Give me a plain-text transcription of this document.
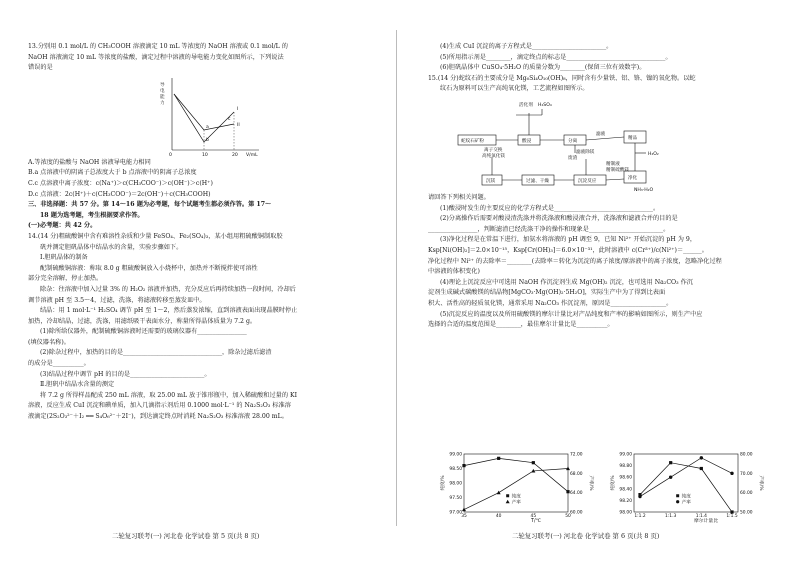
13.分别用 0.1 mol/L 的 CH₃COOH 溶液滴定 10 mL 等浓度的 NaOH 溶液或 0.1 mol/L 的

NaOH 溶液滴定 10 mL 等浓度的盐酸，滴定过程中溶液的导电能力变化如图所示，下列说法

错误的是

导
电
能
力
0	10	20 V/mL
I
II
a
b
c

A.等浓度的盐酸与 NaOH 溶液导电能力相同

B.a 点溶液中的阴离子总浓度大于 b 点溶液中的阴离子总浓度

C.c 点溶液中离子浓度：c(Na⁺)＞c(CH₃COO⁻)＞c(OH⁻)＞c(H⁺)

D.c 点溶液：2c(H⁺)＋c(CH₃COO⁻)＝2c(OH⁻)＋c(CH₃COOH)

三、非选择题：共 57 分。第 14～16 题为必考题，每个试题考生都必须作答。第 17～

18 题为选考题，考生根据要求作答。

(一)必考题：共 42 分。

14.(14 分)粗硫酸铜中含有难溶性杂质和少量 FeSO₄、Fe₂(SO₄)₃，某小组用粗硫酸铜制取胶

矾并测定胆矾晶体中结晶水的含量，实验步骤如下。

Ⅰ.胆矾晶体的制备

配制硫酸铜溶液：称取 8.0 g 粗硫酸铜放入小烧杯中，加热并不断搅拌使可溶性

部分完全溶解，停止加热。

除杂：往溶液中加入过量 3% 的 H₂O₂ 溶液并加热，充分反应后再持续加热一段时间，冷却后

调节溶液 pH 至 3.5～4，过滤，洗涤，将滤液转移至蒸发皿中。

结晶：用 1 mol·L⁻¹ H₂SO₄ 调节 pH 至 1～2，然后蒸发浓缩，直到溶液表面出现晶膜时停止

加热，冷却结晶，过滤，洗涤，用滤纸吸干表面水分，称量所得晶体质量为 7.2 g。

(1)除所给仪器外，配制硫酸铜溶液时还需要的玻璃仪器有________________

(填仪器名称)。

(2)除杂过程中，加热的目的是________________________________，除杂过滤后滤渣

的成分是__________。

(3)结晶过程中调节 pH 的目的是________________________。

Ⅱ.胆矾中结晶水含量的测定

将 7.2 g 所得样品配成 250 mL 溶液，取 25.00 mL 放于锥形瓶中，加入稀硫酸和过量的 KI

溶液，反应生成 CuI 沉淀和碘单质，加入几滴指示剂后用 0.1000 mol·L⁻¹ 的 Na₂S₂O₃ 标准溶

液滴定(2S₂O₃²⁻＋I₂ ══ S₄O₆²⁻＋2I⁻)，到达滴定终点时消耗 Na₂S₂O₃ 标准溶液 28.00 mL。

二轮复习联考(一) 河北卷 化学试卷 第 5 页(共 8 页)

(4)生成 CuI 沉淀的离子方程式是________________________。

(5)所用指示剂是________，滴定终点的标志是________________________________。

(6)胆矾晶体中 CuSO₄·5H₂O 的质量分数为________(保留三位有效数字)。

15.(14 分)蛇纹石的主要成分是 Mg₆Si₄O₁₀(OH)₈，同时含有少量铁、铝、铬、镍的氧化物。以蛇

纹石为原料可以生产高纯氧化镁，工艺流程如图所示。

蛇纹石矿粉	酸浸	分离
精品
沉镁	过滤、干燥	沉淀反应
净化
活化剂 H₂SO₄
滤液
离子交换
高纯氧化镁	废渣
滤液除镁	H₂O₂
NH₃·H₂O
精制液
精制硫酸镁

请回答下列相关问题。

(1)酸浸时发生的主要反应的化学方程式是________________________________。

(2)分离操作后需要对酸浸渣洗涤并将洗涤液和酸浸液合并，洗涤液和滤液合并的目的是

________________，判断滤渣已经洗涤干净的操作和现象是________________________。

(3)净化过程是在常温下进行，加氨水将溶液的 pH 调至 9，已知 Ni²⁺ 开始沉淀的 pH 为 9，

Ksp[Ni(OH)₂]＝2.0×10⁻¹⁵，Ksp[Cr(OH)₃]＝6.0×10⁻³¹，此时溶液中 c(Cr³⁺)/c(Ni²⁺)＝______。

净化过程中 Ni²⁺ 的去除率＝________(去除率＝转化为沉淀的离子浓度/原溶液中的离子浓度，忽略净化过程

中溶液的体积变化)

(4)理论上沉淀反应中可选用 NaOH 作沉淀剂生成 Mg(OH)₂ 沉淀，也可选用 Na₂CO₃ 作沉

淀剂生成碱式碳酸镁的结晶物[MgCO₃·Mg(OH)₂·5H₂O]，实际生产中为了得到比表面

积大、活性高的轻质氧化镁，通常采用 Na₂CO₃ 作沉淀剂，原因是__________________。

(5)沉淀反应的温度以及所用硫酸镁的摩尔计量比对产品纯度和产率的影响如图所示，则生产中应

选择的合适的温度范围是________，最佳摩尔计量比是__________。

97.00
97.50
98.00
98.50
99.00
60.00
64.00
68.00
72.00
35	40	45	50
T/℃
纯度/%	产率/%
纯度
产率
98.00
98.20
98.40
98.60
98.80
99.00
50.00
60.00
70.00
80.00
1:1.2	1:1.3	1:1.4	1:1.5
摩尔计量比
纯度/%	产率/%
纯度
产率
二轮复习联考(一) 河北卷 化学试卷 第 6 页(共 8 页)
